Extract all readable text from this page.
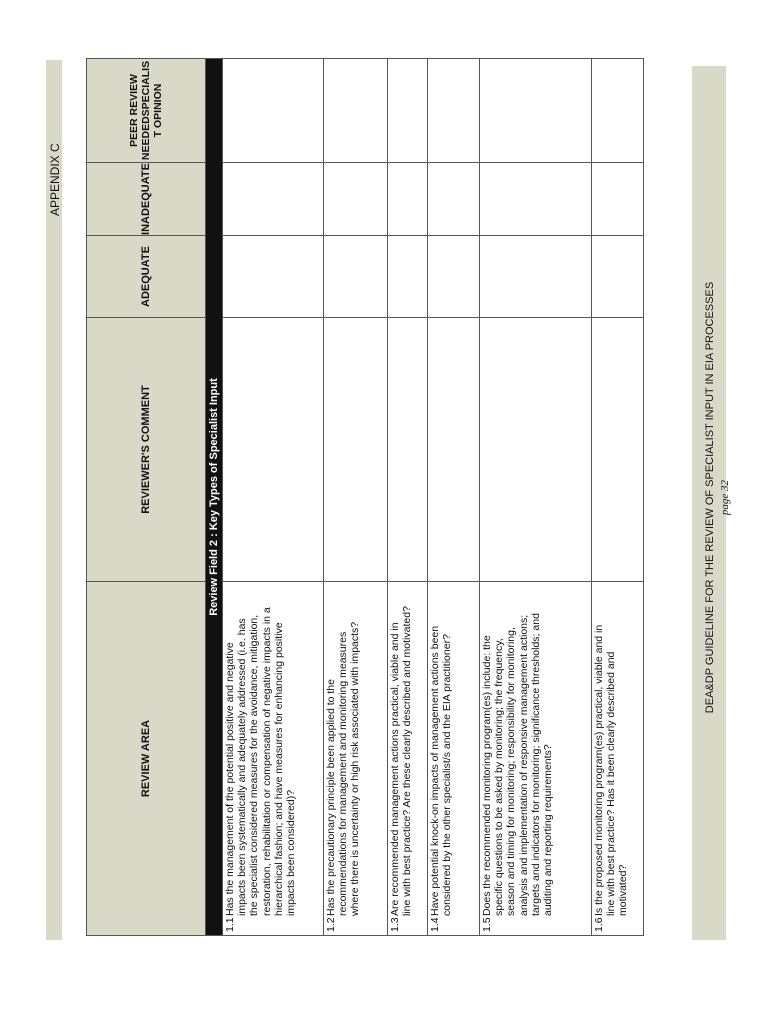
REVIEW AREA	REVIEWER'S COMMENT	ADEQUATE	INADEQUATE	PEER REVIEW NEEDEDSPECIALIS T OPINION
Review Field 2 : Key Types of Specialist Input				
1.1Has the management of the potential positive and negative impacts been systematically and adequately addressed (i.e. has the specialist considered measures for the avoidance, mitigation, restoration, rehabilitation or compensation of negative impacts in a hierarchical fashion; and have measures for enhancing positive impacts been considered)?				
1.2Has the precautionary principle been applied to the recommendations for management and monitoring measures where there is uncertainty or high risk associated with impacts?				
1.3Are recommended management actions practical, viable and in line with best practice? Are these clearly described and motivated?				
1.4Have potential knock-on impacts of management actions been considered by the other specialist/s and the EIA practitioner?				
1.5Does the recommended monitoring program(es) include: the specific questions to be asked by monitoring; the frequency, season and timing for monitoring; responsibility for monitoring, analysis and implementation of responsive management actions; targets and indicators for monitoring; significance thresholds; and auditing and reporting requirements?				
1.6Is the proposed monitoring program(es) practical, viable and in line with best practice? Has it been clearly described and motivated?				
DEA&DP GUIDELINE FOR THE REVIEW OF SPECIALIST INPUT IN EIA PROCESSES page 32
APPENDIX C
